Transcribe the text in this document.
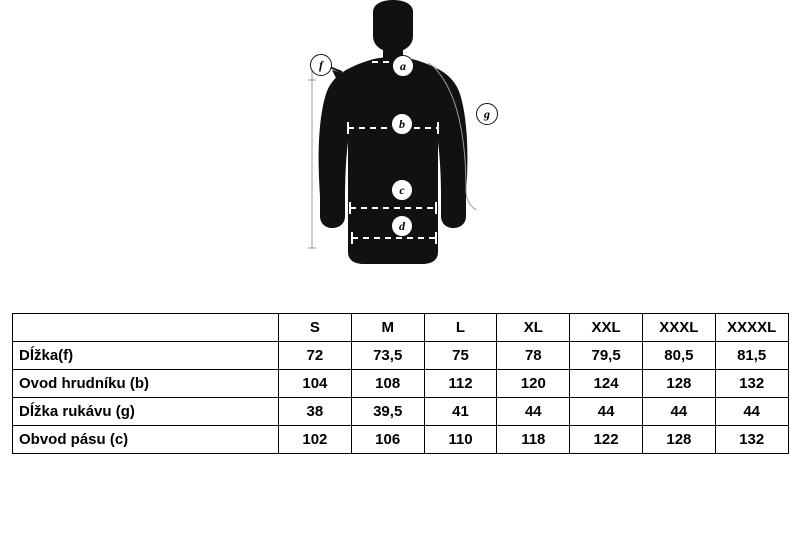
a
b
c
d
f
g
	S	M	L	XL	XXL	XXXL	XXXXL
Dĺžka(f)	72	73,5	75	78	79,5	80,5	81,5
Ovod hrudníku (b)	104	108	112	120	124	128	132
Dĺžka rukávu (g)	38	39,5	41	44	44	44	44
Obvod pásu (c)	102	106	110	118	122	128	132
